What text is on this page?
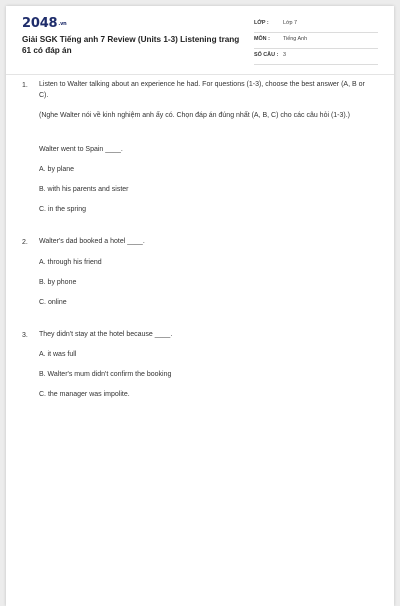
2048.vn
Giải SGK Tiếng anh 7 Review (Units 1-3) Listening trang 61 có đáp án
LỚP :	Lớp 7
MÔN : Tiếng Anh
SỐ CÂU : 3
1. Listen to Walter talking about an experience he had. For questions (1-3), choose the best answer (A, B or C).
(Nghe Walter nói về kinh nghiệm anh ấy có. Chọn đáp án đúng nhất (A, B, C) cho các câu hỏi (1-3).)
Walter went to Spain ____.
A. by plane
B. with his parents and sister
C. in the spring
2. Walter's dad booked a hotel ____.
A. through his friend
B. by phone
C. online
3. They didn't stay at the hotel because ____.
A. it was full
B. Walter's mum didn't confirm the booking
C. the manager was impolite.
